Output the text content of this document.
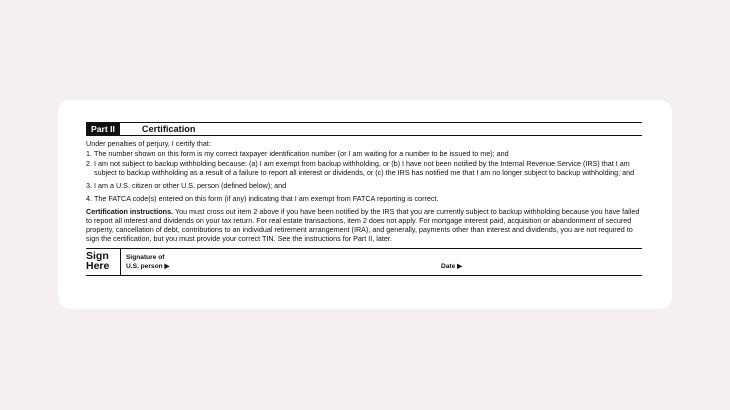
Part II	Certification
Under penalties of perjury, I certify that:
1. The number shown on this form is my correct taxpayer identification number (or I am waiting for a number to be issued to me); and
2. I am not subject to backup withholding because: (a) I am exempt from backup withholding, or (b) I have not been notified by the Internal Revenue Service (IRS) that I am subject to backup withholding as a result of a failure to report all interest or dividends, or (c) the IRS has notified me that I am no longer subject to backup withholding; and
3. I am a U.S. citizen or other U.S. person (defined below); and
4. The FATCA code(s) entered on this form (if any) indicating that I am exempt from FATCA reporting is correct.
Certification instructions. You must cross out item 2 above if you have been notified by the IRS that you are currently subject to backup withholding because you have failed to report all interest and dividends on your tax return. For real estate transactions, item 2 does not apply. For mortgage interest paid, acquisition or abandonment of secured property, cancellation of debt, contributions to an individual retirement arrangement (IRA), and generally, payments other than interest and dividends, you are not required to sign the certification, but you must provide your correct TIN. See the instructions for Part II, later.
Sign
Here
Signature of
U.S. person ▶	Date ▶
